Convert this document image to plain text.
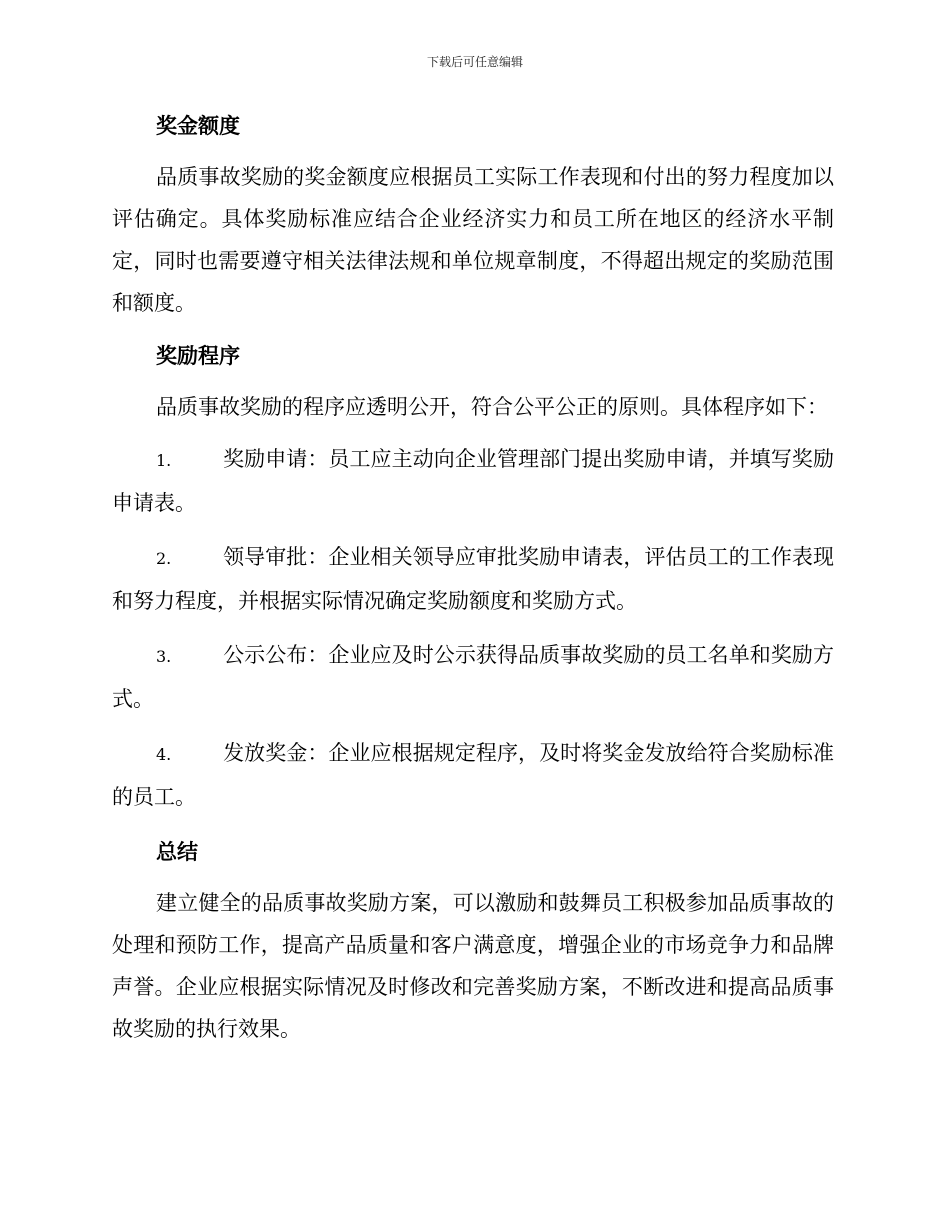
下载后可任意编辑
奖金额度

品质事故奖励的奖金额度应根据员工实际工作表现和付出的努力程度加以评估确定。具体奖励标准应结合企业经济实力和员工所在地区的经济水平制定，同时也需要遵守相关法律法规和单位规章制度，不得超出规定的奖励范围和额度。

奖励程序

品质事故奖励的程序应透明公开，符合公平公正的原则。具体程序如下：

1. 奖励申请：员工应主动向企业管理部门提出奖励申请，并填写奖励申请表。

2. 领导审批：企业相关领导应审批奖励申请表，评估员工的工作表现和努力程度，并根据实际情况确定奖励额度和奖励方式。

3. 公示公布：企业应及时公示获得品质事故奖励的员工名单和奖励方式。

4. 发放奖金：企业应根据规定程序，及时将奖金发放给符合奖励标准的员工。

总结

建立健全的品质事故奖励方案，可以激励和鼓舞员工积极参加品质事故的处理和预防工作，提高产品质量和客户满意度，增强企业的市场竞争力和品牌声誉。企业应根据实际情况及时修改和完善奖励方案，不断改进和提高品质事故奖励的执行效果。
